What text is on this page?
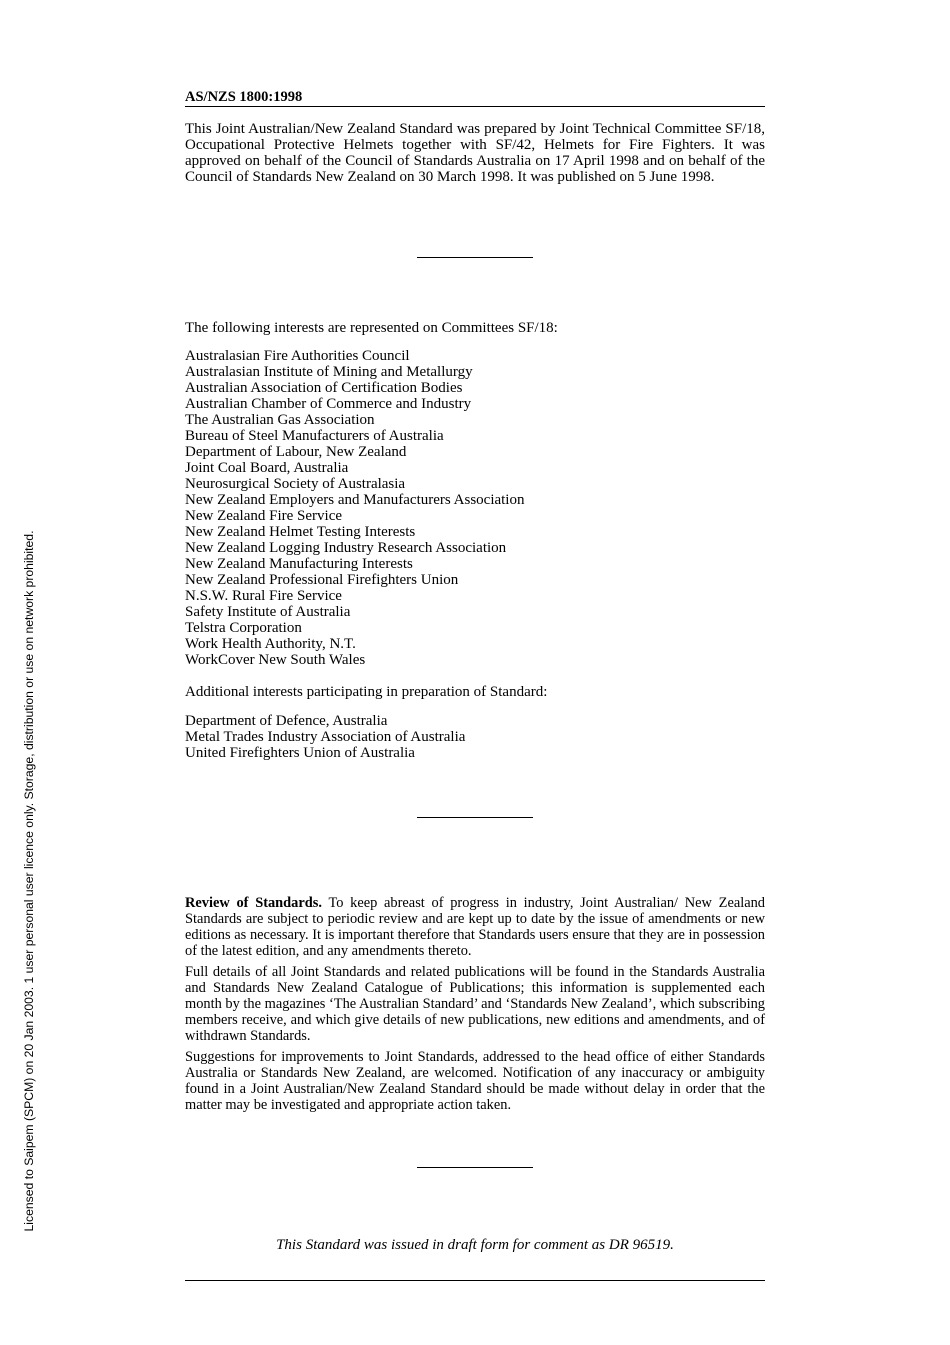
Licensed to Saipem (SPCM) on 20 Jan 2003. 1 user personal user licence only. Storage, distribution or use on network prohibited.
AS/NZS 1800:1998

This Joint Australian/New Zealand Standard was prepared by Joint Technical Committee SF/18, Occupational Protective Helmets together with SF/42, Helmets for Fire Fighters. It was approved on behalf of the Council of Standards Australia on 17 April 1998 and on behalf of the Council of Standards New Zealand on 30 March 1998. It was published on 5 June 1998.

The following interests are represented on Committees SF/18:

Australasian Fire Authorities Council
Australasian Institute of Mining and Metallurgy
Australian Association of Certification Bodies
Australian Chamber of Commerce and Industry
The Australian Gas Association
Bureau of Steel Manufacturers of Australia
Department of Labour, New Zealand
Joint Coal Board, Australia
Neurosurgical Society of Australasia
New Zealand Employers and Manufacturers Association
New Zealand Fire Service
New Zealand Helmet Testing Interests
New Zealand Logging Industry Research Association
New Zealand Manufacturing Interests
New Zealand Professional Firefighters Union
N.S.W. Rural Fire Service
Safety Institute of Australia
Telstra Corporation
Work Health Authority, N.T.
WorkCover New South Wales

Additional interests participating in preparation of Standard:

Department of Defence, Australia
Metal Trades Industry Association of Australia
United Firefighters Union of Australia

Review of Standards. To keep abreast of progress in industry, Joint Australian/ New Zealand Standards are subject to periodic review and are kept up to date by the issue of amendments or new editions as necessary. It is important therefore that Standards users ensure that they are in possession of the latest edition, and any amendments thereto.

Full details of all Joint Standards and related publications will be found in the Standards Australia and Standards New Zealand Catalogue of Publications; this information is supplemented each month by the magazines ‘The Australian Standard’ and ‘Standards New Zealand’, which subscribing members receive, and which give details of new publications, new editions and amendments, and of withdrawn Standards.

Suggestions for improvements to Joint Standards, addressed to the head office of either Standards Australia or Standards New Zealand, are welcomed. Notification of any inaccuracy or ambiguity found in a Joint Australian/New Zealand Standard should be made without delay in order that the matter may be investigated and appropriate action taken.

This Standard was issued in draft form for comment as DR 96519.
